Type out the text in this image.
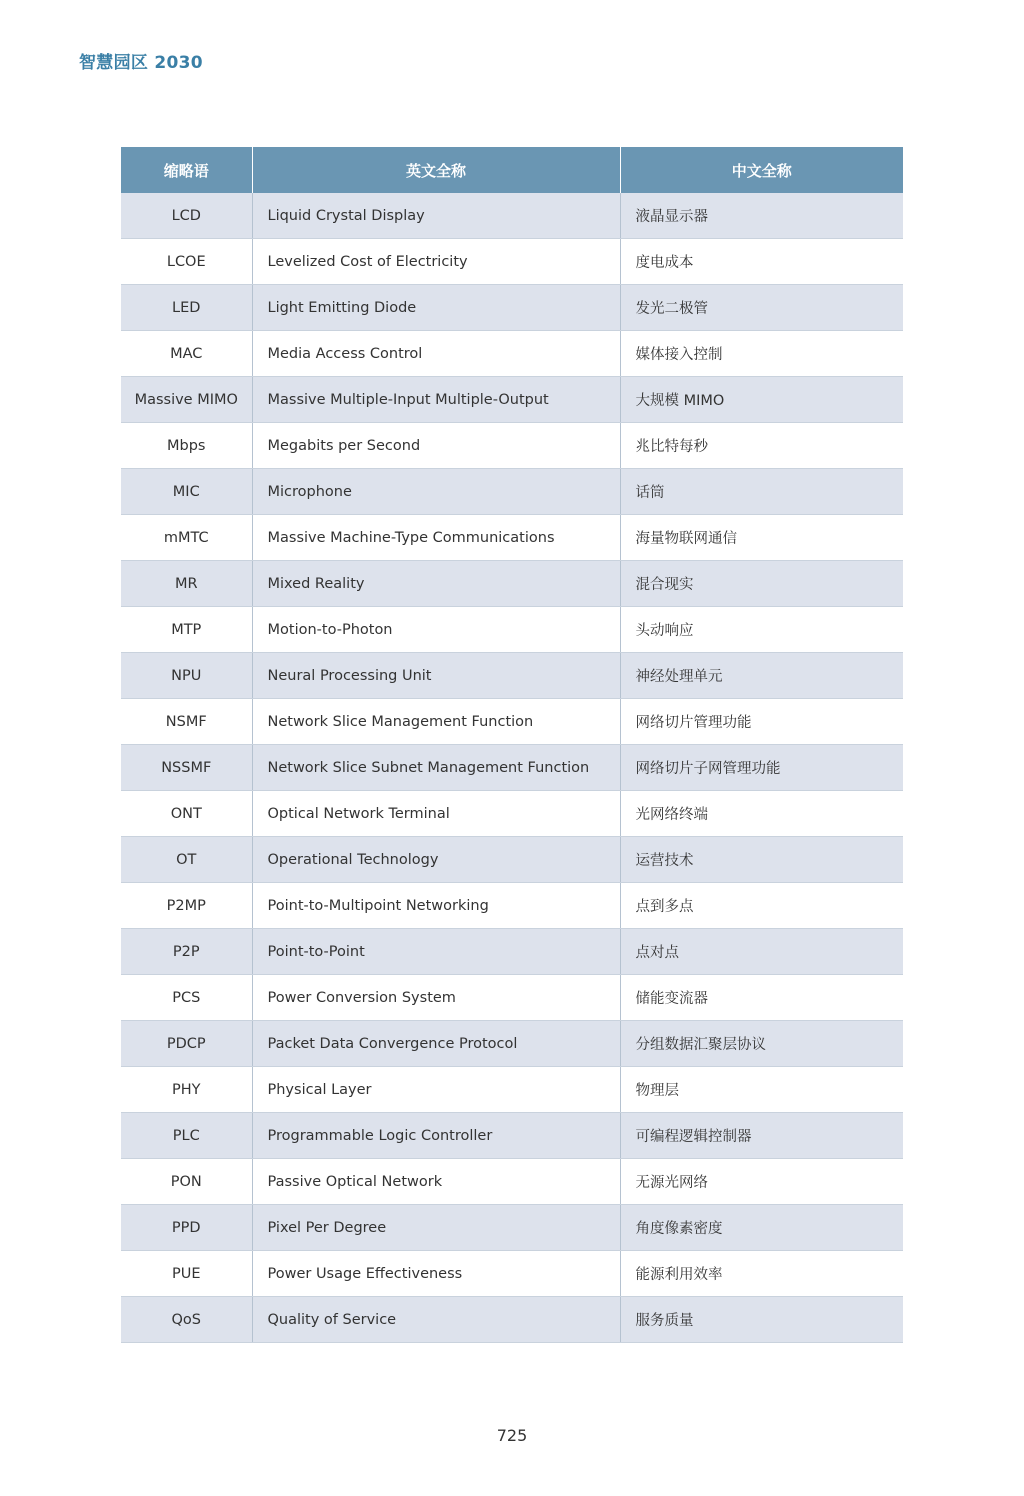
智慧园区 2030
缩略语	英文全称	中文全称
LCD	Liquid Crystal Display	液晶显示器
LCOE	Levelized Cost of Electricity	度电成本
LED	Light Emitting Diode	发光二极管
MAC	Media Access Control	媒体接入控制
Massive MIMO	Massive Multiple-Input Multiple-Output	大规模 MIMO
Mbps	Megabits per Second	兆比特每秒
MIC	Microphone	话筒
mMTC	Massive Machine-Type Communications	海量物联网通信
MR	Mixed Reality	混合现实
MTP	Motion-to-Photon	头动响应
NPU	Neural Processing Unit	神经处理单元
NSMF	Network Slice Management Function	网络切片管理功能
NSSMF	Network Slice Subnet Management Function	网络切片子网管理功能
ONT	Optical Network Terminal	光网络终端
OT	Operational Technology	运营技术
P2MP	Point-to-Multipoint Networking	点到多点
P2P	Point-to-Point	点对点
PCS	Power Conversion System	储能变流器
PDCP	Packet Data Convergence Protocol	分组数据汇聚层协议
PHY	Physical Layer	物理层
PLC	Programmable Logic Controller	可编程逻辑控制器
PON	Passive Optical Network	无源光网络
PPD	Pixel Per Degree	角度像素密度
PUE	Power Usage Effectiveness	能源利用效率
QoS	Quality of Service	服务质量
725
